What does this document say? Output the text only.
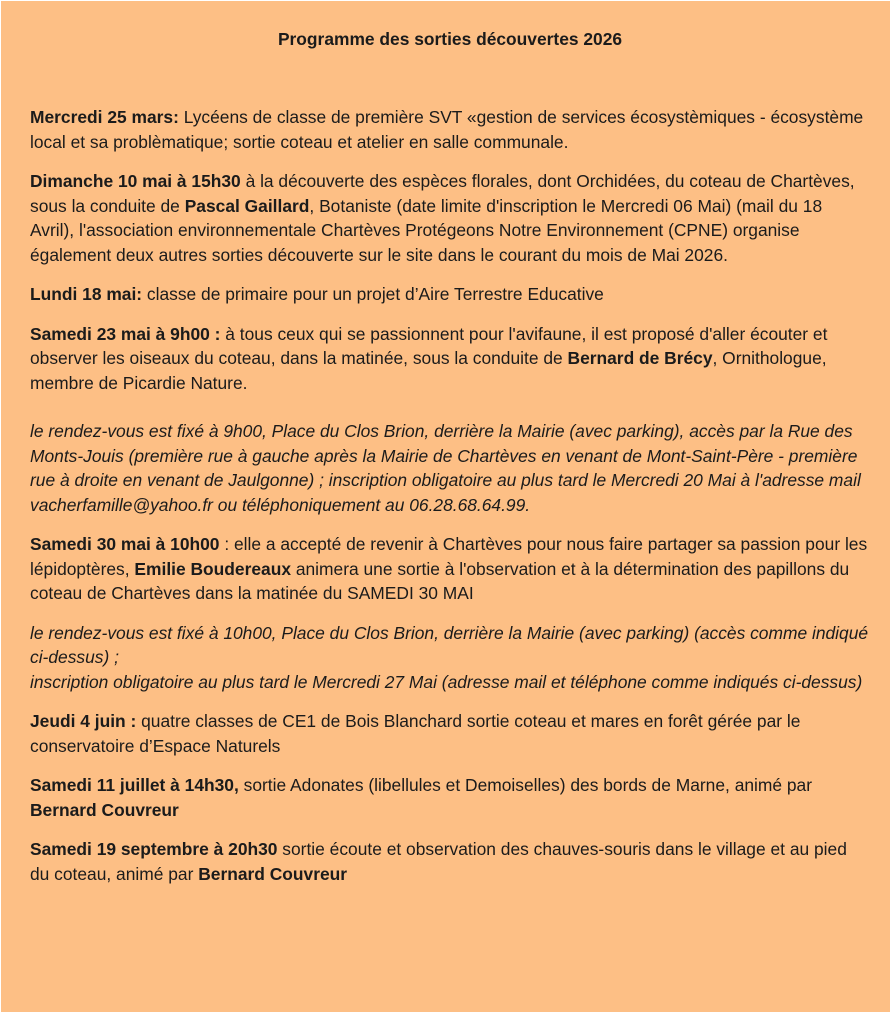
Programme des sorties découvertes 2026

Mercredi 25 mars: Lycéens de classe de première SVT «gestion de services écosystèmiques - écosystème local et sa problèmatique; sortie coteau et atelier en salle communale.

Dimanche 10 mai à 15h30 à la découverte des espèces florales, dont Orchidées, du coteau de Chartèves, sous la conduite de Pascal Gaillard, Botaniste (date limite d'inscription le Mercredi 06 Mai) (mail du 18 Avril), l'association environnementale Chartèves Protégeons Notre Environnement (CPNE) organise également deux autres sorties découverte sur le site dans le courant du mois de Mai 2026.

Lundi 18 mai: classe de primaire pour un projet d’Aire Terrestre Educative

Samedi 23 mai à 9h00 : à tous ceux qui se passionnent pour l'avifaune, il est proposé d'aller écouter et observer les oiseaux du coteau, dans la matinée, sous la conduite de Bernard de Brécy, Ornithologue, membre de Picardie Nature.

le rendez-vous est fixé à 9h00, Place du Clos Brion, derrière la Mairie (avec parking), accès par la Rue des Monts-Jouis (première rue à gauche après la Mairie de Chartèves en venant de Mont-Saint-Père - première rue à droite en venant de Jaulgonne) ; inscription obligatoire au plus tard le Mercredi 20 Mai à l'adresse mail vacherfamille@yahoo.fr ou téléphoniquement au 06.28.68.64.99.

Samedi 30 mai à 10h00 : elle a accepté de revenir à Chartèves pour nous faire partager sa passion pour les lépidoptères, Emilie Boudereaux animera une sortie à l'observation et à la détermination des papillons du coteau de Chartèves dans la matinée du SAMEDI 30 MAI

le rendez-vous est fixé à 10h00, Place du Clos Brion, derrière la Mairie (avec parking) (accès comme indiqué ci-dessus) ;
inscription obligatoire au plus tard le Mercredi 27 Mai (adresse mail et téléphone comme indiqués ci-dessus)

Jeudi 4 juin : quatre classes de CE1 de Bois Blanchard sortie coteau et mares en forêt gérée par le conservatoire d’Espace Naturels

Samedi 11 juillet à 14h30, sortie Adonates (libellules et Demoiselles) des bords de Marne, animé par Bernard Couvreur

Samedi 19 septembre à 20h30 sortie écoute et observation des chauves-souris dans le village et au pied du coteau, animé par Bernard Couvreur
